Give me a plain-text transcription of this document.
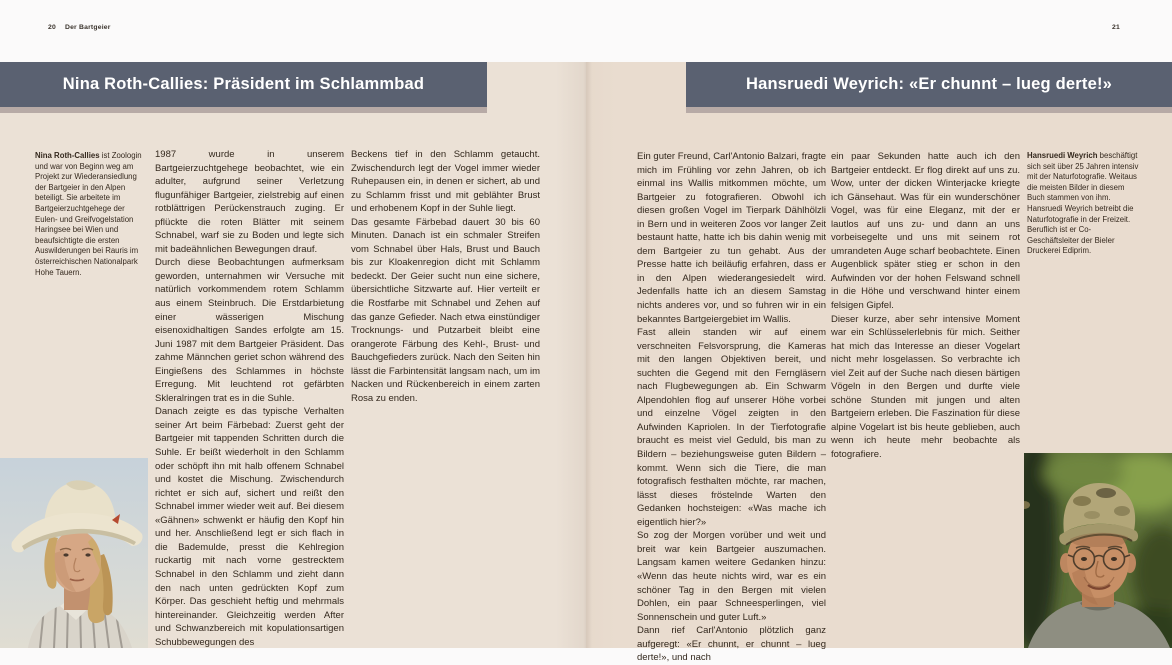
20 Der Bartgeier	21
Nina Roth-Callies: Präsident im Schlammbad	Hansruedi Weyrich: «Er chunnt – lueg derte!»
Nina Roth-Callies ist Zoologin und war von Beginn weg am Projekt zur Wiederansiedlung der Bartgeier in den Alpen beteiligt. Sie arbeitete im Bartgeierzuchtgehege der Eulen- und Greifvogelstation Haringsee bei Wien und beaufsichtigte die ersten Auswilderungen bei Rauris im österreichischen Nationalpark Hohe Tauern.
Hansruedi Weyrich beschäftigt sich seit über 25 Jahren intensiv mit der Naturfotografie. Weitaus die meisten Bilder in diesem Buch stammen von ihm. Hansruedi Weyrich betreibt die Naturfotografie in der Freizeit. Beruflich ist er Co-Geschäftsleiter der Bieler Druckerei Ediprim.

1987 wurde in unserem Bartgeierzuchtgehege beobachtet, wie ein adulter, aufgrund seiner Verletzung flugunfähiger Bartgeier, zielstrebig auf einen rotblättrigen Perückenstrauch zuging. Er pflückte die roten Blätter mit seinem Schnabel, warf sie zu Boden und legte sich mit badeähnlichen Bewegungen drauf.

Durch diese Beobachtungen aufmerksam geworden, unternahmen wir Versuche mit natürlich vorkommendem rotem Schlamm aus einem Steinbruch. Die Erstdarbietung einer wässerigen Mischung eisenoxidhaltigen Sandes erfolgte am 15. Juni 1987 mit dem Bartgeier Präsident. Das zahme Männchen geriet schon während des Eingießens des Schlammes in höchste Erregung. Mit leuchtend rot gefärbten Skleralringen trat es in die Suhle.

Danach zeigte es das typische Verhalten seiner Art beim Färbebad: Zuerst geht der Bartgeier mit tappenden Schritten durch die Suhle. Er beißt wiederholt in den Schlamm oder schöpft ihn mit halb offenem Schnabel und kostet die Mischung. Zwischendurch richtet er sich auf, sichert und reißt den Schnabel immer wieder weit auf. Bei diesem «Gähnen» schwenkt er häufig den Kopf hin und her. Anschließend legt er sich flach in die Bademulde, presst die Kehlregion ruckartig mit nach vorne gestrecktem Schnabel in den Schlamm und zieht dann den nach unten gedrückten Kopf zum Körper. Das geschieht heftig und mehrmals hintereinander. Gleichzeitig werden After und Schwanzbereich mit kopulationsartigen Schubbewegungen des

Beckens tief in den Schlamm getaucht. Zwischendurch legt der Vogel immer wieder Ruhepausen ein, in denen er sichert, ab und zu Schlamm frisst und mit geblähter Brust und erhobenem Kopf in der Suhle liegt.

Das gesamte Färbebad dauert 30 bis 60 Minuten. Danach ist ein schmaler Streifen vom Schnabel über Hals, Brust und Bauch bis zur Kloakenregion dicht mit Schlamm bedeckt. Der Geier sucht nun eine sichere, übersichtliche Sitzwarte auf. Hier verteilt er die Rostfarbe mit Schnabel und Zehen auf das ganze Gefieder. Nach etwa einstündiger Trocknungs- und Putzarbeit bleibt eine orangerote Färbung des Kehl-, Brust- und Bauchgefieders zurück. Nach den Seiten hin lässt die Farbintensität langsam nach, um im Nacken und Rückenbereich in einem zarten Rosa zu enden.

Ein guter Freund, Carl'Antonio Balzari, fragte mich im Frühling vor zehn Jahren, ob ich einmal ins Wallis mitkommen möchte, um Bartgeier zu fotografieren. Obwohl ich diesen großen Vogel im Tierpark Dählhölzli in Bern und in weiteren Zoos vor langer Zeit bestaunt hatte, hatte ich bis dahin wenig mit dem Bartgeier zu tun gehabt. Aus der Presse hatte ich beiläufig erfahren, dass er in den Alpen wiederangesiedelt wird. Jedenfalls hatte ich an diesem Samstag nichts anderes vor, und so fuhren wir in ein bekanntes Bartgeiergebiet im Wallis.

Fast allein standen wir auf einem verschneiten Felsvorsprung, die Kameras mit den langen Objektiven bereit, und suchten die Gegend mit den Ferngläsern nach Flugbewegungen ab. Ein Schwarm Alpendohlen flog auf unserer Höhe vorbei und einzelne Vögel zeigten in den Aufwinden Kapriolen. In der Tierfotografie braucht es meist viel Geduld, bis man zu Bildern – beziehungsweise guten Bildern – kommt. Wenn sich die Tiere, die man fotografisch festhalten möchte, rar machen, lässt dieses fröstelnde Warten den Gedanken hochsteigen: «Was mache ich eigentlich hier?»

So zog der Morgen vorüber und weit und breit war kein Bartgeier auszumachen. Langsam kamen weitere Gedanken hinzu: «Wenn das heute nichts wird, war es ein schöner Tag in den Bergen mit vielen Dohlen, ein paar Schneesperlingen, viel Sonnenschein und guter Luft.»

Dann rief Carl'Antonio plötzlich ganz aufgeregt: «Er chunnt, er chunnt – lueg derte!», und nach

ein paar Sekunden hatte auch ich den Bartgeier entdeckt. Er flog direkt auf uns zu. Wow, unter der dicken Winterjacke kriegte ich Gänsehaut. Was für ein wunderschöner Vogel, was für eine Eleganz, mit der er lautlos auf uns zu- und dann an uns vorbeisegelte und uns mit seinem rot umrandeten Auge scharf beobachtete. Einen Augenblick später stieg er schon in den Aufwinden vor der hohen Felswand schnell in die Höhe und verschwand hinter einem felsigen Gipfel.

Dieser kurze, aber sehr intensive Moment war ein Schlüsselerlebnis für mich. Seither hat mich das Interesse an dieser Vogelart nicht mehr losgelassen. So verbrachte ich viel Zeit auf der Suche nach diesen bärtigen Vögeln in den Bergen und durfte viele schöne Stunden mit jungen und alten Bartgeiern erleben. Die Faszination für diese alpine Vogelart ist bis heute geblieben, auch wenn ich heute mehr beobachte als fotografiere.
